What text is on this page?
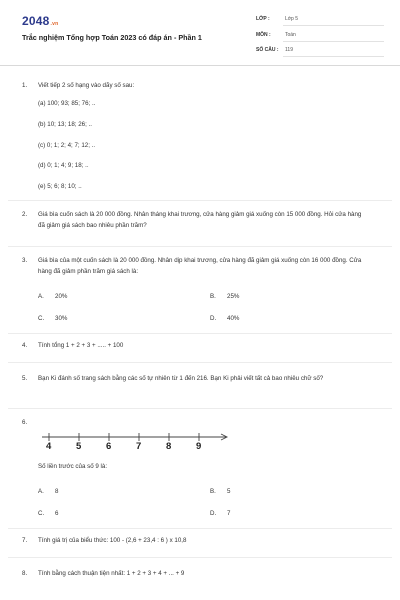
2048.vn
Trắc nghiệm Tổng hợp Toán 2023 có đáp án - Phần 1
LỚP :	Lớp 5
MÔN :	Toán
SỐ CÂU : 119
1. Viết tiếp 2 số hạng vào dãy số sau:
(a) 100; 93; 85; 76; ..
(b) 10; 13; 18; 26; ..
(c) 0; 1; 2; 4; 7; 12; ..
(d) 0; 1; 4; 9; 18; ..
(e) 5; 6; 8; 10; ..
2. Giá bìa cuốn sách là 20 000 đồng. Nhân tháng khai trương, cửa hàng giảm giá xuống còn 15 000 đồng. Hỏi cửa hàng đã giảm giá sách bao nhiêu phần trăm?
3. Giá bìa của một cuốn sách là 20 000 đồng. Nhân dịp khai trương, cửa hàng đã giảm giá xuống còn 16 000 đồng. Cửa hàng đã giảm phần trăm giá sách là:
A. 20%	B. 25%
C. 30%	D. 40%
4. Tính tổng 1 + 2 + 3 + ..... + 100
5. Bạn Ki đánh số trang sách bằng các số tự nhiên từ 1 đến 216. Bạn Ki phải viết tất cả bao nhiêu chữ số?
6.
4	5	6	7	8	9
Số liền trước của số 9 là:
A. 8	B. 5
C. 6	D. 7
7. Tính giá trị của biểu thức: 100 - (2,6 + 23,4 : 6 ) x 10,8
8. Tính bằng cách thuận tiện nhất: 1 + 2 + 3 + 4 + ... + 9
